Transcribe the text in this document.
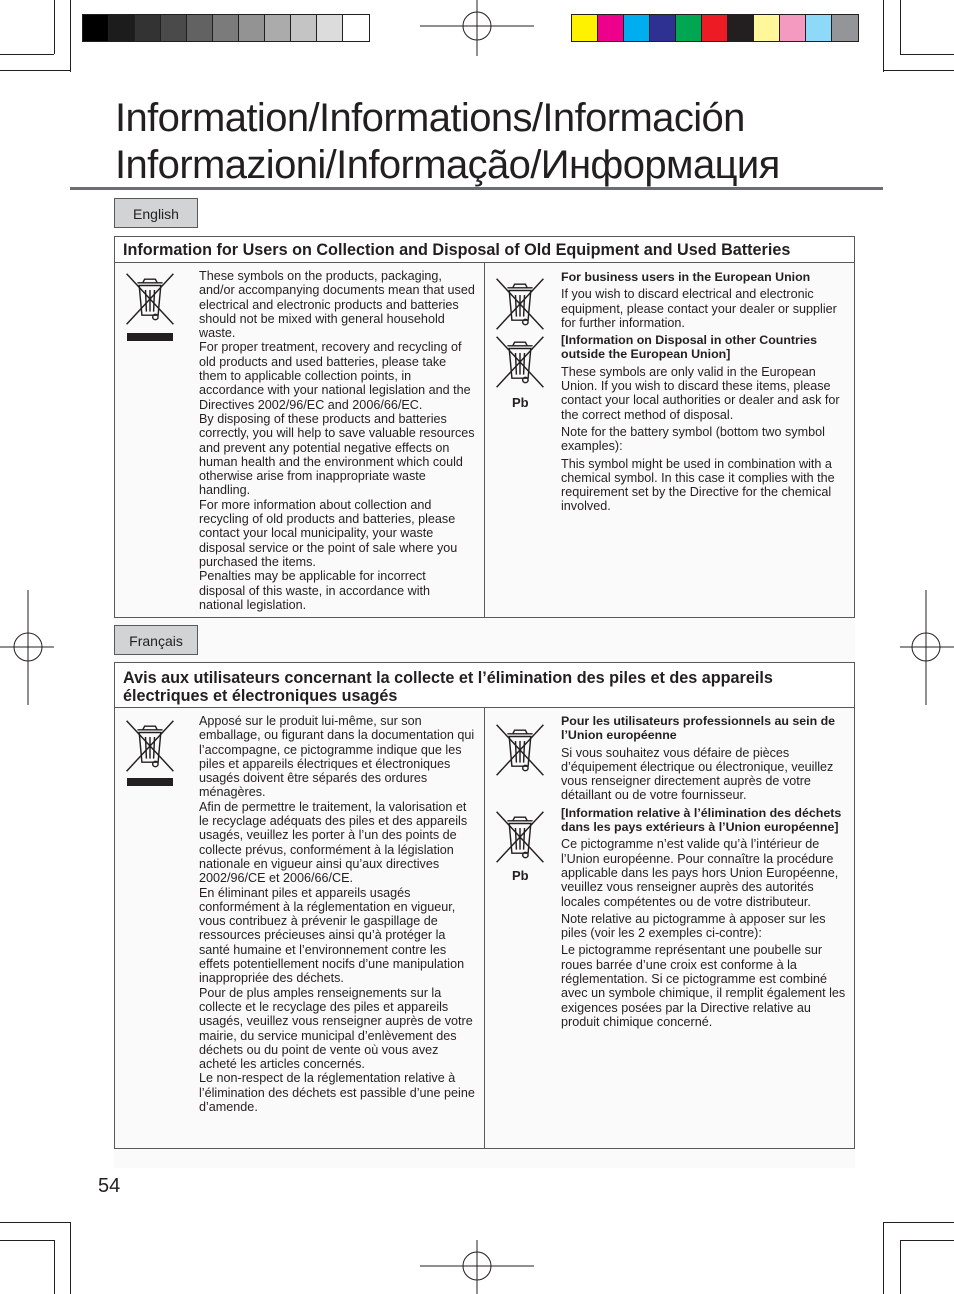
Information/Informations/Información
Informazioni/Informação/Информация
English
Information for Users on Collection and Disposal of Old Equipment and Used Batteries

These symbols on the products, packaging, and/or accompanying documents mean that used electrical and electronic products and batteries should not be mixed with general household waste.

For proper treatment, recovery and recycling of old products and used batteries, please take them to applicable collection points, in accordance with your national legislation and the Directives 2002/96/EC and 2006/66/EC.

By disposing of these products and batteries correctly, you will help to save valuable resources and prevent any potential negative effects on human health and the environment which could otherwise arise from inappropriate waste handling.

For more information about collection and recycling of old products and batteries, please contact your local municipality, your waste disposal service or the point of sale where you purchased the items.

Penalties may be applicable for incorrect disposal of this waste, in accordance with national legislation.

Pb

For business users in the European Union

If you wish to discard electrical and electronic equipment, please contact your dealer or supplier for further information.

[Information on Disposal in other Countries outside the European Union]

These symbols are only valid in the European Union. If you wish to discard these items, please contact your local authorities or dealer and ask for the correct method of disposal.

Note for the battery symbol (bottom two symbol examples):

This symbol might be used in combination with a chemical symbol. In this case it complies with the requirement set by the Directive for the chemical involved.

Français
Avis aux utilisateurs concernant la collecte et l’élimination des piles et des appareils électriques et électroniques usagés

Apposé sur le produit lui-même, sur son emballage, ou figurant dans la documentation qui l’accompagne, ce pictogramme indique que les piles et appareils électriques et électroniques usagés doivent être séparés des ordures ménagères.

Afin de permettre le traitement, la valorisation et le recyclage adéquats des piles et des appareils usagés, veuillez les porter à l’un des points de collecte prévus, conformément à la législation nationale en vigueur ainsi qu’aux directives 2002/96/CE et 2006/66/CE.

En éliminant piles et appareils usagés conformément à la réglementation en vigueur, vous contribuez à prévenir le gaspillage de ressources précieuses ainsi qu’à protéger la santé humaine et l’environnement contre les effets potentiellement nocifs d’une manipulation inappropriée des déchets.

Pour de plus amples renseignements sur la collecte et le recyclage des piles et appareils usagés, veuillez vous renseigner auprès de votre mairie, du service municipal d’enlèvement des déchets ou du point de vente où vous avez acheté les articles concernés.

Le non-respect de la réglementation relative à l’élimination des déchets est passible d’une peine d’amende.

Pb

Pour les utilisateurs professionnels au sein de l’Union européenne

Si vous souhaitez vous défaire de pièces d’équipement électrique ou électronique, veuillez vous renseigner directement auprès de votre détaillant ou de votre fournisseur.

[Information relative à l’élimination des déchets dans les pays extérieurs à l’Union européenne]

Ce pictogramme n’est valide qu’à l’intérieur de l’Union européenne. Pour connaître la procédure applicable dans les pays hors Union Européenne, veuillez vous renseigner auprès des autorités locales compétentes ou de votre distributeur.

Note relative au pictogramme à apposer sur les piles (voir les 2 exemples ci-contre):

Le pictogramme représentant une poubelle sur roues barrée d’une croix est conforme à la réglementation. Si ce pictogramme est combiné avec un symbole chimique, il remplit également les exigences posées par la Directive relative au produit chimique concerné.

54
